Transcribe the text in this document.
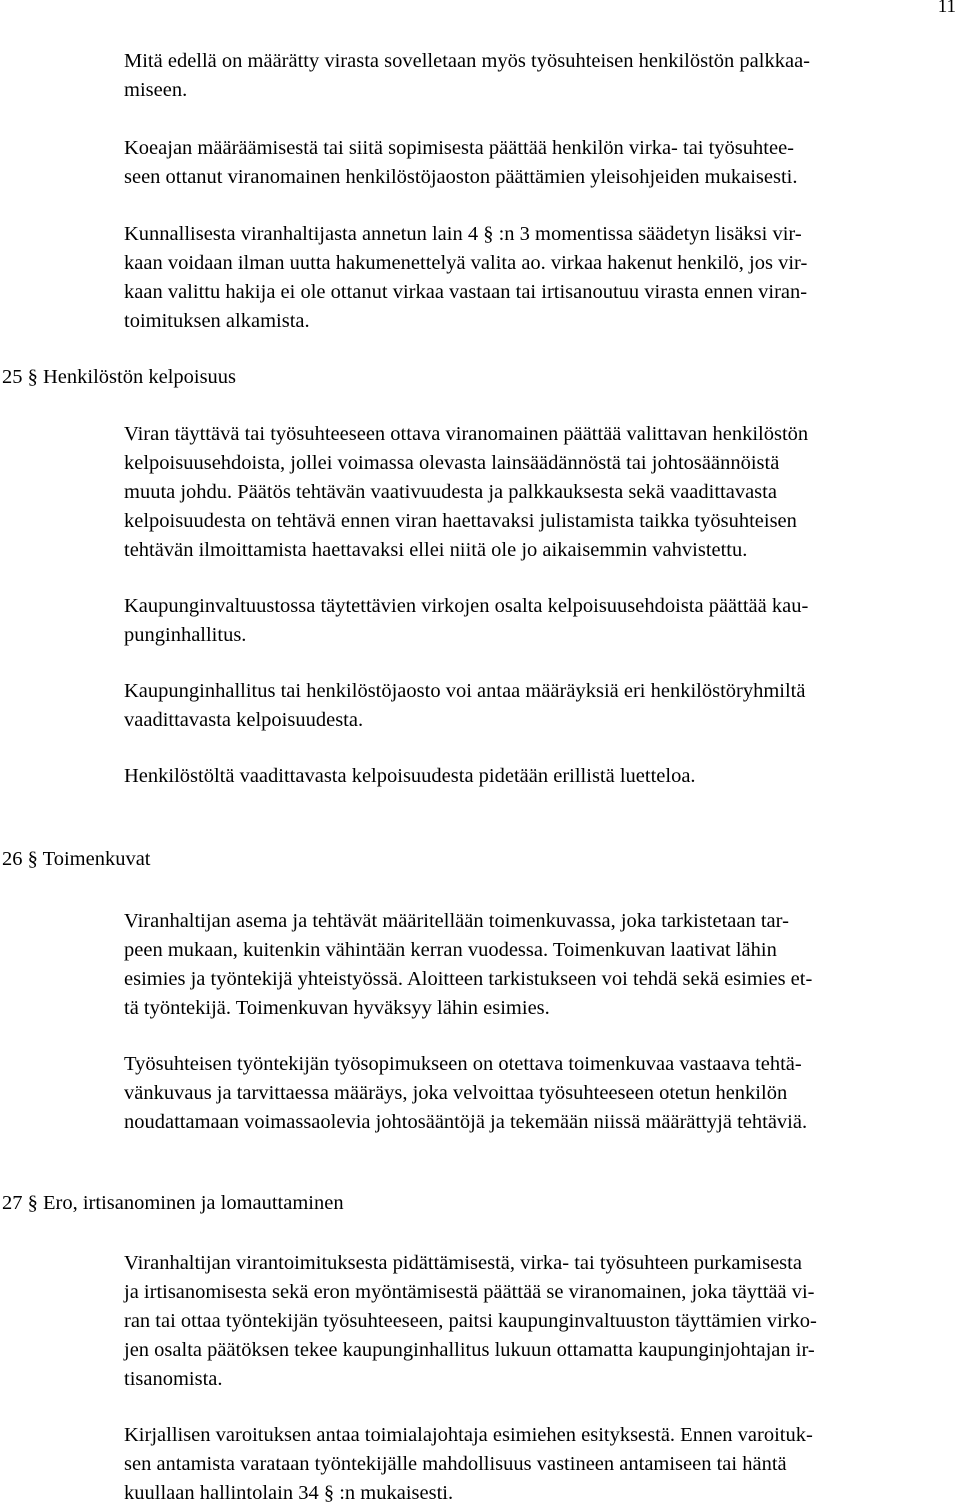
11
Mitä edellä on määrätty virasta sovelletaan myös työsuhteisen henkilöstön palkkaa-
miseen.
Koeajan määräämisestä tai siitä sopimisesta päättää henkilön virka- tai työsuhtee-
seen ottanut viranomainen henkilöstöjaoston päättämien yleisohjeiden mukaisesti.
Kunnallisesta viranhaltijasta annetun lain 4 § :n 3 momentissa säädetyn lisäksi vir-
kaan voidaan ilman uutta hakumenettelyä valita ao. virkaa hakenut henkilö, jos vir-
kaan valittu hakija ei ole ottanut virkaa vastaan tai irtisanoutuu virasta ennen viran-
toimituksen alkamista.
25 § Henkilöstön kelpoisuus
Viran täyttävä tai työsuhteeseen ottava viranomainen päättää valittavan henkilöstön
kelpoisuusehdoista, jollei voimassa olevasta lainsäädännöstä tai johtosäännöistä
muuta johdu. Päätös tehtävän vaativuudesta ja palkkauksesta sekä vaadittavasta
kelpoisuudesta on tehtävä ennen viran haettavaksi julistamista taikka työsuhteisen
tehtävän ilmoittamista haettavaksi ellei niitä ole jo aikaisemmin vahvistettu.
Kaupunginvaltuustossa täytettävien virkojen osalta kelpoisuusehdoista päättää kau-
punginhallitus.
Kaupunginhallitus tai henkilöstöjaosto voi antaa määräyksiä eri henkilöstöryhmiltä
vaadittavasta kelpoisuudesta.
Henkilöstöltä vaadittavasta kelpoisuudesta pidetään erillistä luetteloa.
26 § Toimenkuvat
Viranhaltijan asema ja tehtävät määritellään toimenkuvassa, joka tarkistetaan tar-
peen mukaan, kuitenkin vähintään kerran vuodessa. Toimenkuvan laativat lähin
esimies ja työntekijä yhteistyössä. Aloitteen tarkistukseen voi tehdä sekä esimies et-
tä työntekijä. Toimenkuvan hyväksyy lähin esimies.
Työsuhteisen työntekijän työsopimukseen on otettava toimenkuvaa vastaava tehtä-
vänkuvaus ja tarvittaessa määräys, joka velvoittaa työsuhteeseen otetun henkilön
noudattamaan voimassaolevia johtosääntöjä ja tekemään niissä määrättyjä tehtäviä.
27 § Ero, irtisanominen ja lomauttaminen
Viranhaltijan virantoimituksesta pidättämisestä, virka- tai työsuhteen purkamisesta
ja irtisanomisesta sekä eron myöntämisestä päättää se viranomainen, joka täyttää vi-
ran tai ottaa työntekijän työsuhteeseen, paitsi kaupunginvaltuuston täyttämien virko-
jen osalta päätöksen tekee kaupunginhallitus lukuun ottamatta kaupunginjohtajan ir-
tisanomista.
Kirjallisen varoituksen antaa toimialajohtaja esimiehen esityksestä. Ennen varoituk-
sen antamista varataan työntekijälle mahdollisuus vastineen antamiseen tai häntä
kuullaan hallintolain 34 § :n mukaisesti.
